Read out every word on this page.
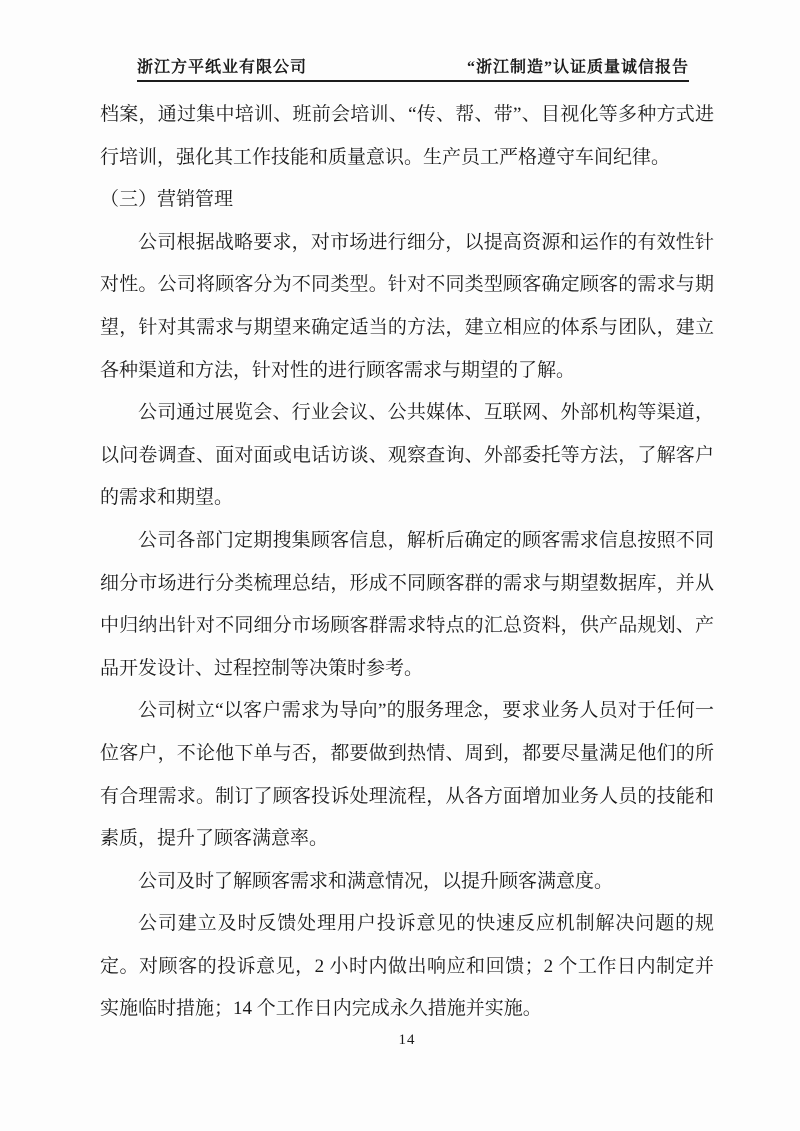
浙江方平纸业有限公司	“浙江制造”认证质量诚信报告

档案，通过集中培训、班前会培训、“传、帮、带”、目视化等多种方式进行培训，强化其工作技能和质量意识。生产员工严格遵守车间纪律。

（三）营销管理

公司根据战略要求，对市场进行细分，以提高资源和运作的有效性针对性。公司将顾客分为不同类型。针对不同类型顾客确定顾客的需求与期望，针对其需求与期望来确定适当的方法，建立相应的体系与团队，建立各种渠道和方法，针对性的进行顾客需求与期望的了解。

公司通过展览会、行业会议、公共媒体、互联网、外部机构等渠道，以问卷调查、面对面或电话访谈、观察查询、外部委托等方法，了解客户的需求和期望。

公司各部门定期搜集顾客信息，解析后确定的顾客需求信息按照不同细分市场进行分类梳理总结，形成不同顾客群的需求与期望数据库，并从中归纳出针对不同细分市场顾客群需求特点的汇总资料，供产品规划、产品开发设计、过程控制等决策时参考。

公司树立“以客户需求为导向”的服务理念，要求业务人员对于任何一位客户，不论他下单与否，都要做到热情、周到，都要尽量满足他们的所有合理需求。制订了顾客投诉处理流程，从各方面增加业务人员的技能和素质，提升了顾客满意率。

公司及时了解顾客需求和满意情况，以提升顾客满意度。

公司建立及时反馈处理用户投诉意见的快速反应机制解决问题的规定。对顾客的投诉意见，2 小时内做出响应和回馈；2 个工作日内制定并实施临时措施；14 个工作日内完成永久措施并实施。

14
